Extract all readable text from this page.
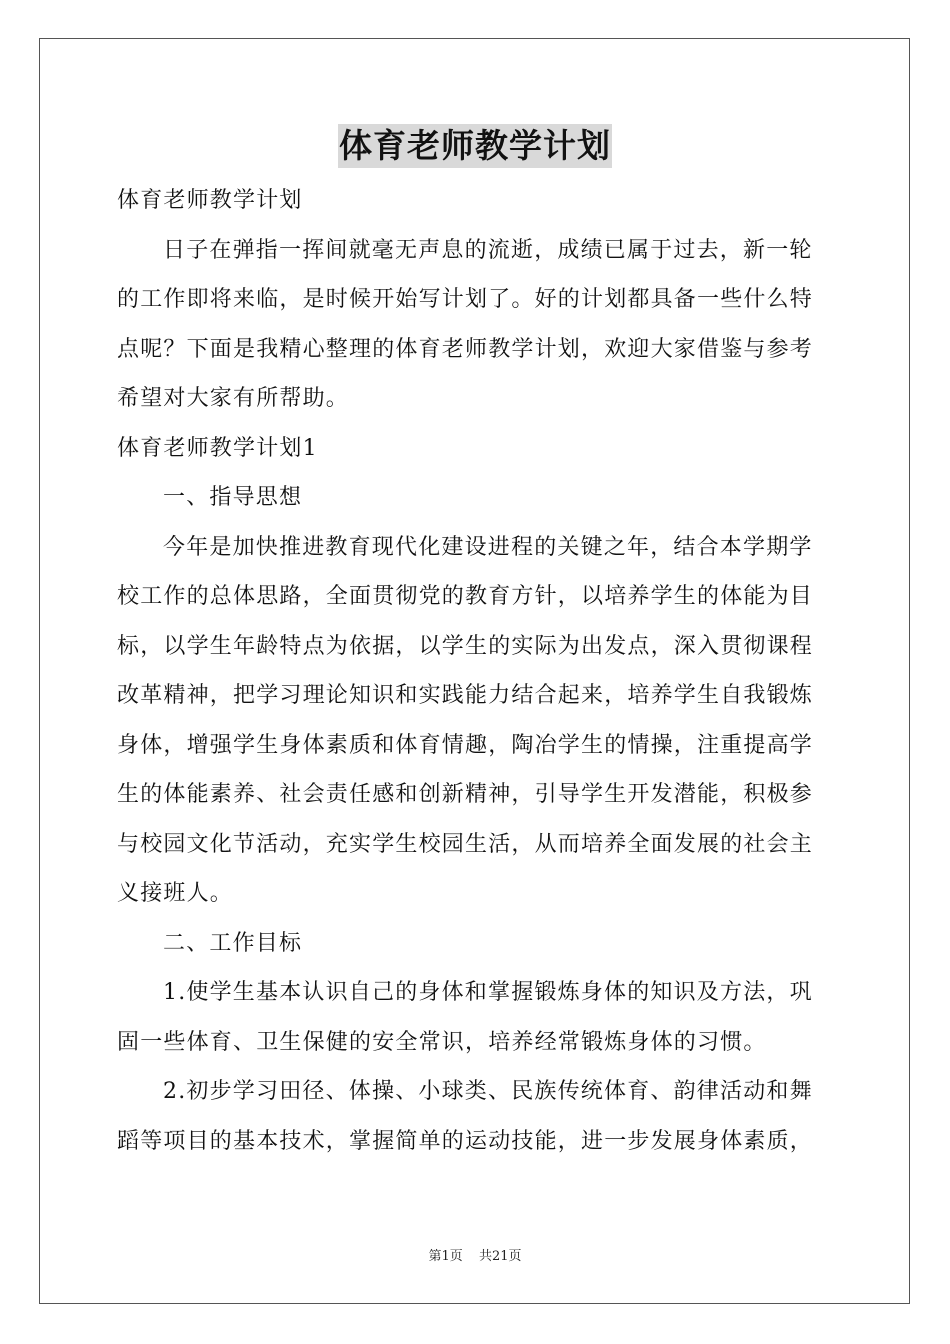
体育老师教学计划
体育老师教学计划
日子在弹指一挥间就毫无声息的流逝，成绩已属于过去，新一轮
的工作即将来临，是时候开始写计划了。好的计划都具备一些什么特
点呢？下面是我精心整理的体育老师教学计划，欢迎大家借鉴与参考
希望对大家有所帮助。
体育老师教学计划1
一、指导思想
今年是加快推进教育现代化建设进程的关键之年，结合本学期学
校工作的总体思路，全面贯彻党的教育方针，以培养学生的体能为目
标，以学生年龄特点为依据，以学生的实际为出发点，深入贯彻课程
改革精神，把学习理论知识和实践能力结合起来，培养学生自我锻炼
身体，增强学生身体素质和体育情趣，陶冶学生的情操，注重提高学
生的体能素养、社会责任感和创新精神，引导学生开发潜能，积极参
与校园文化节活动，充实学生校园生活，从而培养全面发展的社会主
义接班人。
二、工作目标
1.使学生基本认识自己的身体和掌握锻炼身体的知识及方法，巩
固一些体育、卫生保健的安全常识，培养经常锻炼身体的习惯。
2.初步学习田径、体操、小球类、民族传统体育、韵律活动和舞
蹈等项目的基本技术，掌握简单的运动技能，进一步发展身体素质，
第1页 共21页
